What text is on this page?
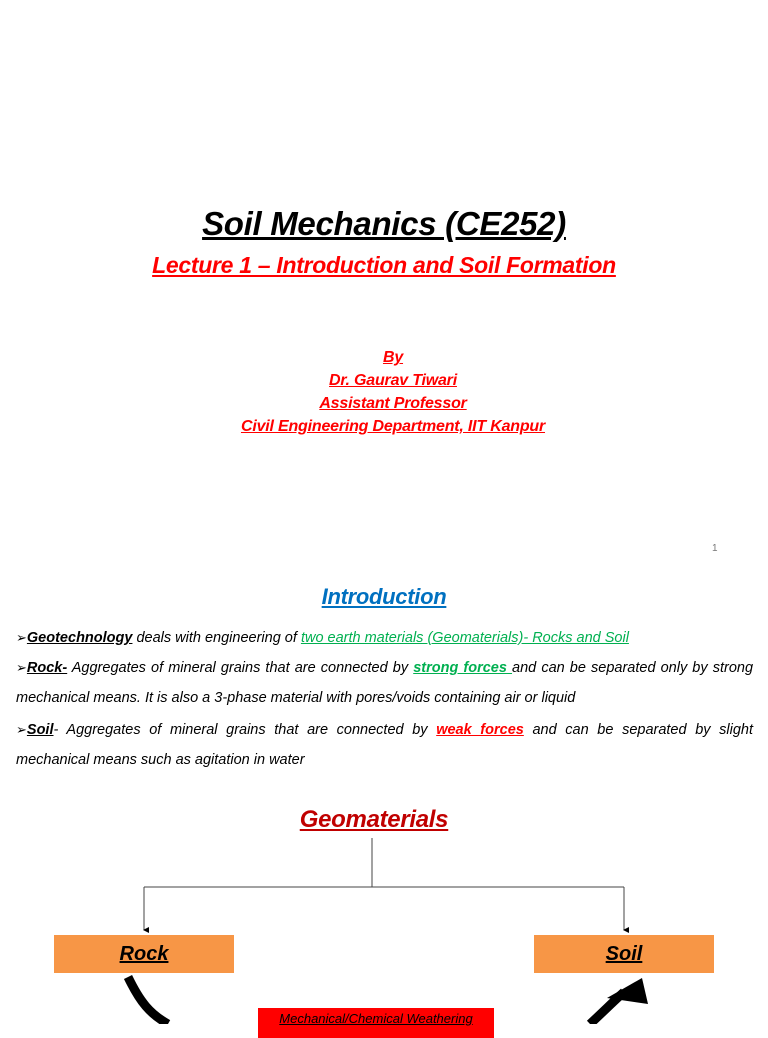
Soil Mechanics (CE252)
Lecture 1 – Introduction and Soil Formation
By
Dr. Gaurav Tiwari
Assistant Professor
Civil Engineering Department, IIT Kanpur
1
Introduction
➢Geotechnology deals with engineering of two earth materials (Geomaterials)- Rocks and Soil
➢Rock- Aggregates of mineral grains that are connected by strong forces and can be separated only by strong mechanical means. It is also a 3-phase material with pores/voids containing air or liquid
➢Soil- Aggregates of mineral grains that are connected by weak forces and can be separated by slight mechanical means such as agitation in water
Geomaterials
Rock	Soil
Mechanical/Chemical Weathering
